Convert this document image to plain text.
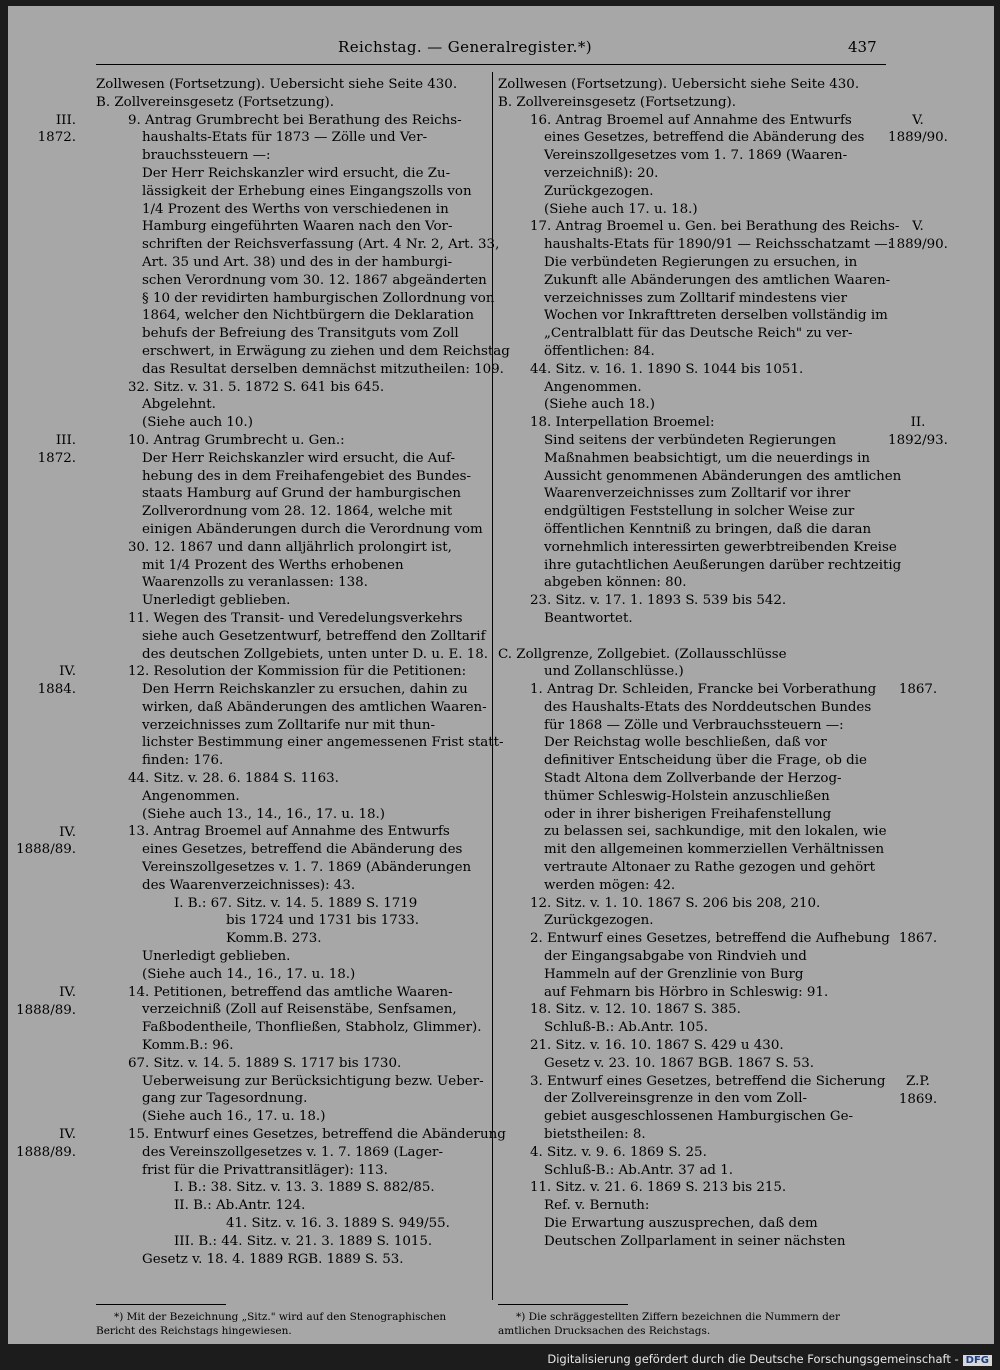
Reichstag. — Generalregister.*)	437
Zollwesen (Fortsetzung). Uebersicht siehe Seite 430.
B. Zollvereinsgesetz (Fortsetzung).
9. Antrag Grumbrecht bei Berathung des Reichs-
haushalts-Etats für 1873 — Zölle und Ver-
brauchssteuern —:
Der Herr Reichskanzler wird ersucht, die Zu-
lässigkeit der Erhebung eines Eingangszolls von
1/4 Prozent des Werths von verschiedenen in
Hamburg eingeführten Waaren nach den Vor-
schriften der Reichsverfassung (Art. 4 Nr. 2, Art. 33,
Art. 35 und Art. 38) und des in der hamburgi-
schen Verordnung vom 30. 12. 1867 abgeänderten
§ 10 der revidirten hamburgischen Zollordnung von
1864, welcher den Nichtbürgern die Deklaration
behufs der Befreiung des Transitguts vom Zoll
erschwert, in Erwägung zu ziehen und dem Reichstag
das Resultat derselben demnächst mitzutheilen: 109.
32. Sitz. v. 31. 5. 1872 S. 641 bis 645.
Abgelehnt.
(Siehe auch 10.)
10. Antrag Grumbrecht u. Gen.:
Der Herr Reichskanzler wird ersucht, die Auf-
hebung des in dem Freihafengebiet des Bundes-
staats Hamburg auf Grund der hamburgischen
Zollverordnung vom 28. 12. 1864, welche mit
einigen Abänderungen durch die Verordnung vom
30. 12. 1867 und dann alljährlich prolongirt ist,
mit 1/4 Prozent des Werths erhobenen
Waarenzolls zu veranlassen: 138.
Unerledigt geblieben.
11. Wegen des Transit- und Veredelungsverkehrs
siehe auch Gesetzentwurf, betreffend den Zolltarif
des deutschen Zollgebiets, unten unter D. u. E. 18.
12. Resolution der Kommission für die Petitionen:
Den Herrn Reichskanzler zu ersuchen, dahin zu
wirken, daß Abänderungen des amtlichen Waaren-
verzeichnisses zum Zolltarife nur mit thun-
lichster Bestimmung einer angemessenen Frist statt-
finden: 176.
44. Sitz. v. 28. 6. 1884 S. 1163.
Angenommen.
(Siehe auch 13., 14., 16., 17. u. 18.)
13. Antrag Broemel auf Annahme des Entwurfs
eines Gesetzes, betreffend die Abänderung des
Vereinszollgesetzes v. 1. 7. 1869 (Abänderungen
des Waarenverzeichnisses): 43.
I. B.: 67. Sitz. v. 14. 5. 1889 S. 1719
bis 1724 und 1731 bis 1733.
Komm.B. 273.
Unerledigt geblieben.
(Siehe auch 14., 16., 17. u. 18.)
14. Petitionen, betreffend das amtliche Waaren-
verzeichniß (Zoll auf Reisenstäbe, Senfsamen,
Faßbodentheile, Thonfließen, Stabholz, Glimmer).
Komm.B.: 96.
67. Sitz. v. 14. 5. 1889 S. 1717 bis 1730.
Ueberweisung zur Berücksichtigung bezw. Ueber-
gang zur Tagesordnung.
(Siehe auch 16., 17. u. 18.)
15. Entwurf eines Gesetzes, betreffend die Abänderung
des Vereinszollgesetzes v. 1. 7. 1869 (Lager-
frist für die Privattransitläger): 113.
I. B.: 38. Sitz. v. 13. 3. 1889 S. 882/85.
II. B.: Ab.Antr. 124.
41. Sitz. v. 16. 3. 1889 S. 949/55.
III. B.: 44. Sitz. v. 21. 3. 1889 S. 1015.
Gesetz v. 18. 4. 1889 RGB. 1889 S. 53.
Zollwesen (Fortsetzung). Uebersicht siehe Seite 430.
B. Zollvereinsgesetz (Fortsetzung).
16. Antrag Broemel auf Annahme des Entwurfs
eines Gesetzes, betreffend die Abänderung des
Vereinszollgesetzes vom 1. 7. 1869 (Waaren-
verzeichniß): 20.
Zurückgezogen.
(Siehe auch 17. u. 18.)
17. Antrag Broemel u. Gen. bei Berathung des Reichs-
haushalts-Etats für 1890/91 — Reichsschatzamt —:
Die verbündeten Regierungen zu ersuchen, in
Zukunft alle Abänderungen des amtlichen Waaren-
verzeichnisses zum Zolltarif mindestens vier
Wochen vor Inkrafttreten derselben vollständig im
„Centralblatt für das Deutsche Reich" zu ver-
öffentlichen: 84.
44. Sitz. v. 16. 1. 1890 S. 1044 bis 1051.
Angenommen.
(Siehe auch 18.)
18. Interpellation Broemel:
Sind seitens der verbündeten Regierungen
Maßnahmen beabsichtigt, um die neuerdings in
Aussicht genommenen Abänderungen des amtlichen
Waarenverzeichnisses zum Zolltarif vor ihrer
endgültigen Feststellung in solcher Weise zur
öffentlichen Kenntniß zu bringen, daß die daran
vornehmlich interessirten gewerbtreibenden Kreise
ihre gutachtlichen Aeußerungen darüber rechtzeitig
abgeben können: 80.
23. Sitz. v. 17. 1. 1893 S. 539 bis 542.
Beantwortet.

C. Zollgrenze, Zollgebiet. (Zollausschlüsse
und Zollanschlüsse.)
1. Antrag Dr. Schleiden, Francke bei Vorberathung
des Haushalts-Etats des Norddeutschen Bundes
für 1868 — Zölle und Verbrauchssteuern —:
Der Reichstag wolle beschließen, daß vor
definitiver Entscheidung über die Frage, ob die
Stadt Altona dem Zollverbande der Herzog-
thümer Schleswig-Holstein anzuschließen
oder in ihrer bisherigen Freihafenstellung
zu belassen sei, sachkundige, mit den lokalen, wie
mit den allgemeinen kommerziellen Verhältnissen
vertraute Altonaer zu Rathe gezogen und gehört
werden mögen: 42.
12. Sitz. v. 1. 10. 1867 S. 206 bis 208, 210.
Zurückgezogen.
2. Entwurf eines Gesetzes, betreffend die Aufhebung
der Eingangsabgabe von Rindvieh und
Hammeln auf der Grenzlinie von Burg
auf Fehmarn bis Hörbro in Schleswig: 91.
18. Sitz. v. 12. 10. 1867 S. 385.
Schluß-B.: Ab.Antr. 105.
21. Sitz. v. 16. 10. 1867 S. 429 u 430.
Gesetz v. 23. 10. 1867 BGB. 1867 S. 53.
3. Entwurf eines Gesetzes, betreffend die Sicherung
der Zollvereinsgrenze in den vom Zoll-
gebiet ausgeschlossenen Hamburgischen Ge-
bietstheilen: 8.
4. Sitz. v. 9. 6. 1869 S. 25.
Schluß-B.: Ab.Antr. 37 ad 1.
11. Sitz. v. 21. 6. 1869 S. 213 bis 215.
Ref. v. Bernuth:
Die Erwartung auszusprechen, daß dem
Deutschen Zollparlament in seiner nächsten
III.
1872.
III.
1872.
IV.
1884.
IV.
1888/89.
IV.
1888/89.
IV.
1888/89.
V.
1889/90.
V.
1889/90.
II.
1892/93.
1867.
1867.
Z.P.
1869.
*) Mit der Bezeichnung „Sitz." wird auf den Stenographischen
Bericht des Reichstags hingewiesen.
*) Die schräggestellten Ziffern bezeichnen die Nummern der
amtlichen Drucksachen des Reichstags.
Digitalisierung gefördert durch die Deutsche Forschungsgemeinschaft - DFG
